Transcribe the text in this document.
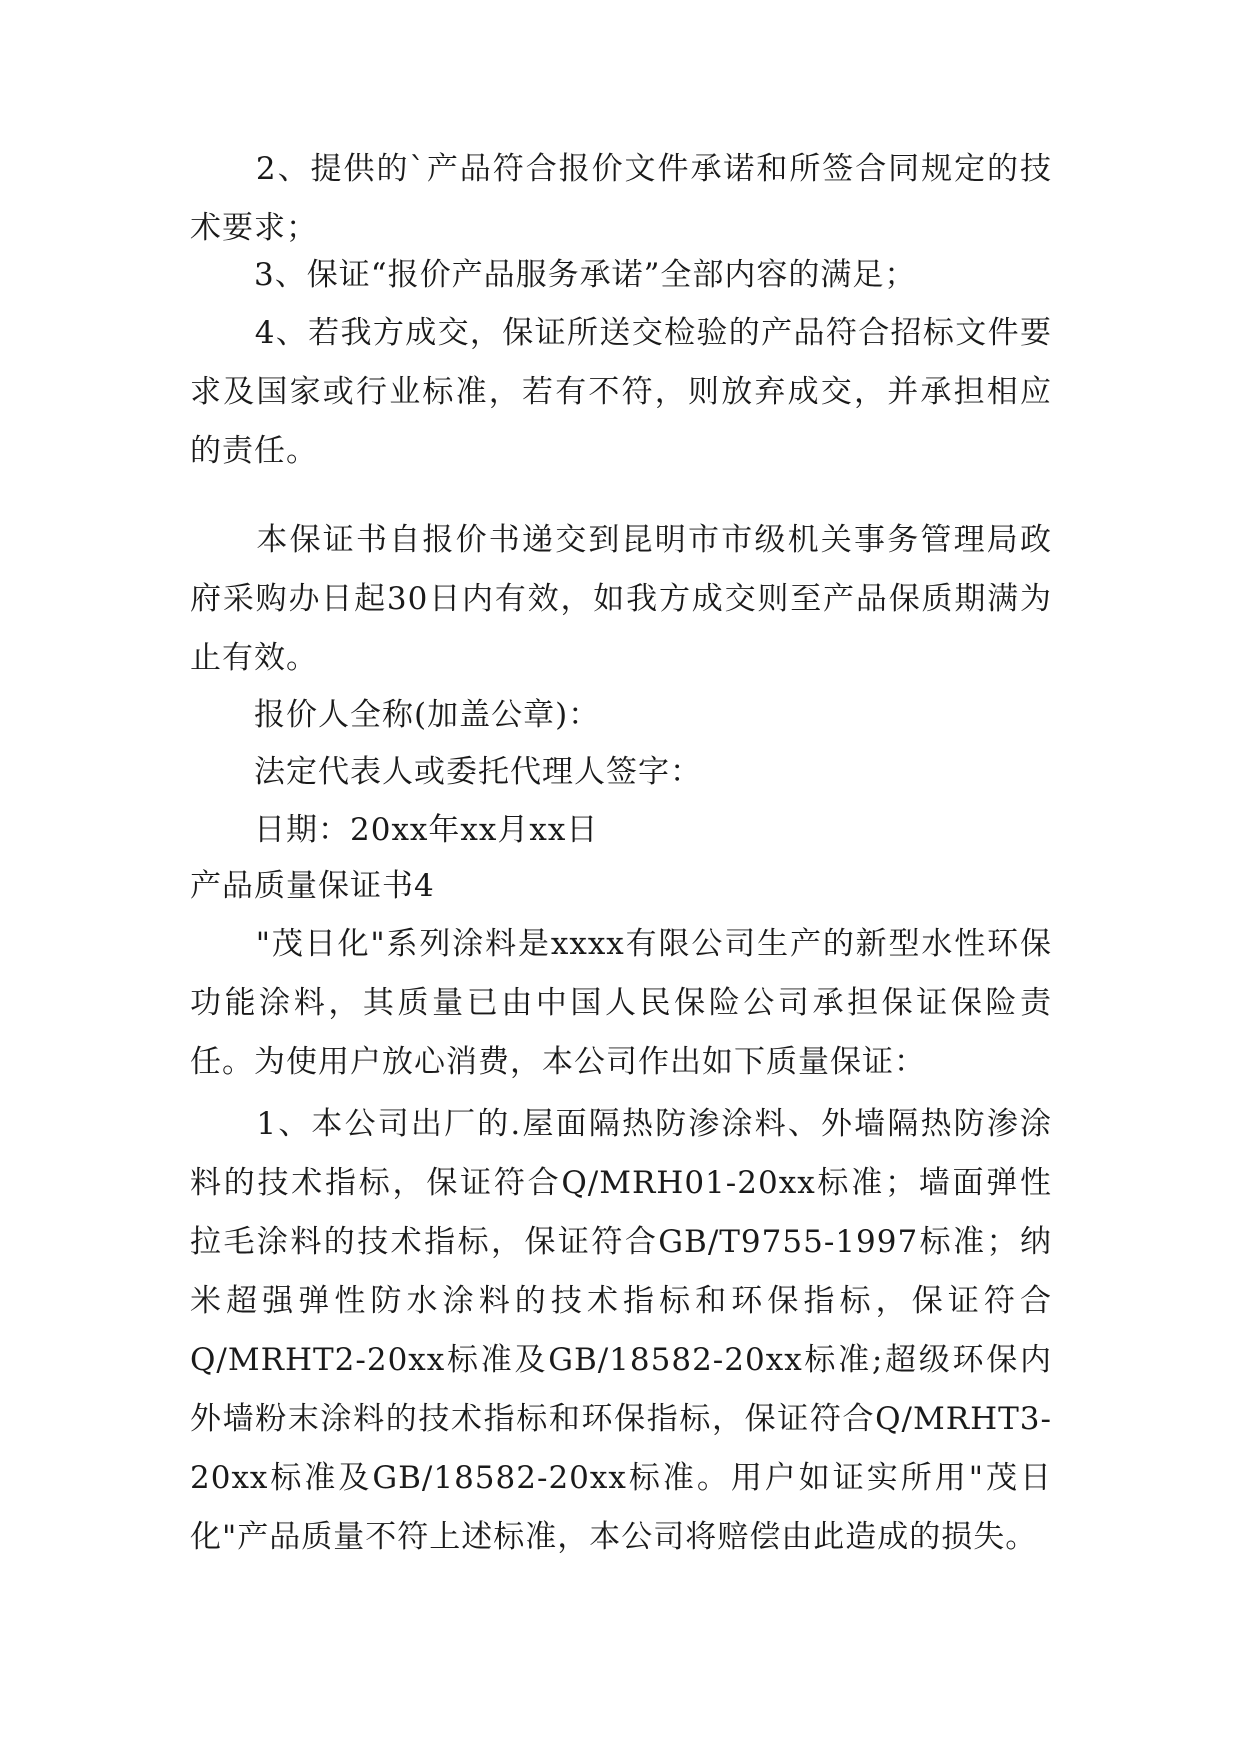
　　2、提供的`产品符合报价文件承诺和所签合同规定的技术要求；

　　3、保证“报价产品服务承诺”全部内容的满足；

　　4、若我方成交，保证所送交检验的产品符合招标文件要求及国家或行业标准，若有不符，则放弃成交，并承担相应的责任。

　　本保证书自报价书递交到昆明市市级机关事务管理局政府采购办日起30日内有效，如我方成交则至产品保质期满为止有效。

　　报价人全称(加盖公章)：

　　法定代表人或委托代理人签字：

　　日期：20xx年xx月xx日

产品质量保证书4

　　"茂日化"系列涂料是xxxx有限公司生产的新型水性环保功能涂料，其质量已由中国人民保险公司承担保证保险责任。为使用户放心消费，本公司作出如下质量保证：

　　1、本公司出厂的.屋面隔热防渗涂料、外墙隔热防渗涂料的技术指标，保证符合Q/MRH01-20xx标准；墙面弹性拉毛涂料的技术指标，保证符合GB/T9755-1997标准；纳米超强弹性防水涂料的技术指标和环保指标，保证符合Q/MRHT2-20xx标准及GB/18582-20xx标准;超级环保内外墙粉末涂料的技术指标和环保指标，保证符合Q/MRHT3-20xx标准及GB/18582-20xx标准。用户如证实所用"茂日化"产品质量不符上述标准，本公司将赔偿由此造成的损失。
